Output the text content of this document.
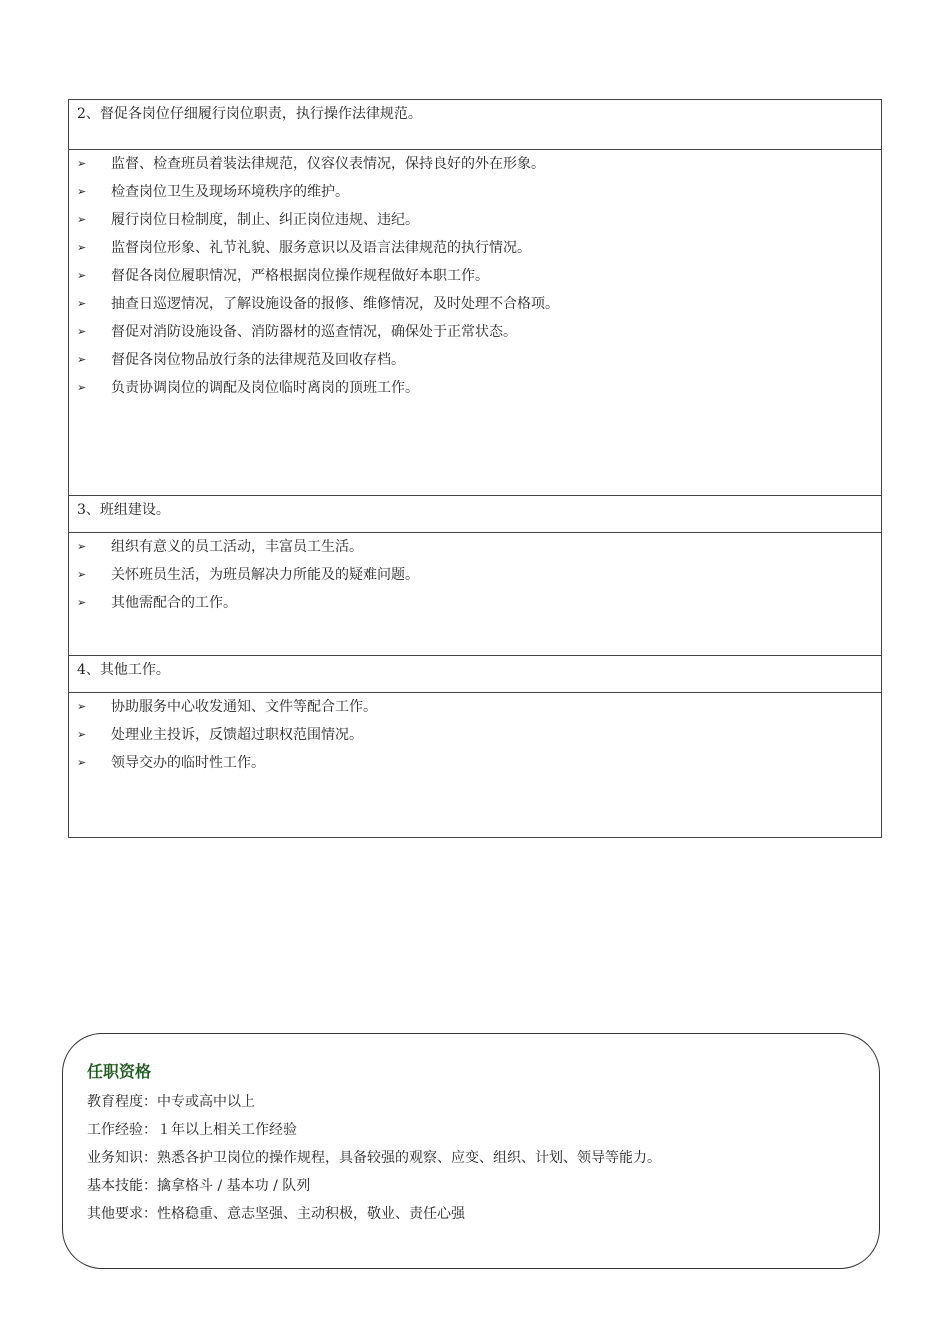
2、督促各岗位仔细履行岗位职责，执行操作法律规范。

➢	监督、检查班员着装法律规范，仪容仪表情况，保持良好的外在形象。
➢	检查岗位卫生及现场环境秩序的维护。
➢	履行岗位日检制度，制止、纠正岗位违规、违纪。
➢	监督岗位形象、礼节礼貌、服务意识以及语言法律规范的执行情况。
➢	督促各岗位履职情况，严格根据岗位操作规程做好本职工作。
➢	抽查日巡逻情况，了解设施设备的报修、维修情况，及时处理不合格项。
➢	督促对消防设施设备、消防器材的巡查情况，确保处于正常状态。
➢	督促各岗位物品放行条的法律规范及回收存档。
➢	负责协调岗位的调配及岗位临时离岗的顶班工作。

3、班组建设。

➢	组织有意义的员工活动，丰富员工生活。
➢	关怀班员生活，为班员解决力所能及的疑难问题。
➢	其他需配合的工作。

4、其他工作。

➢	协助服务中心收发通知、文件等配合工作。
➢	处理业主投诉，反馈超过职权范围情况。
➢	领导交办的临时性工作。
任职资格
教育程度：中专或高中以上
工作经验：１年以上相关工作经验
业务知识：熟悉各护卫岗位的操作规程，具备较强的观察、应变、组织、计划、领导等能力。
基本技能：擒拿格斗 / 基本功 / 队列
其他要求：性格稳重、意志坚强、主动积极，敬业、责任心强
